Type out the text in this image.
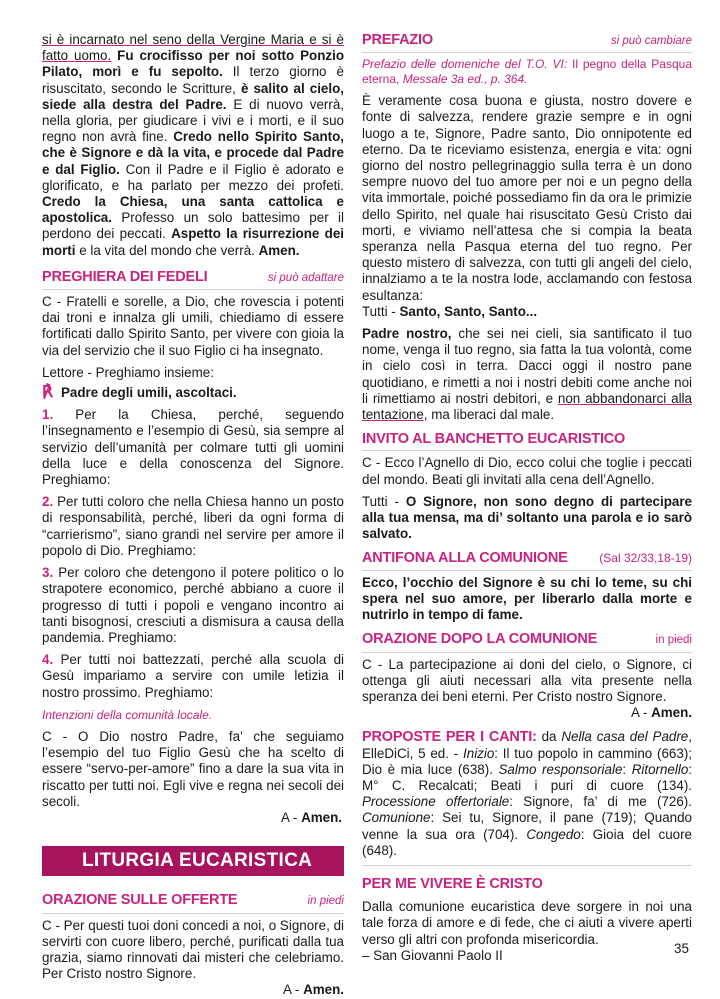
si è incarnato nel seno della Vergine Maria e si è fatto uomo. Fu crocifisso per noi sotto Ponzio Pilato, morì e fu sepolto. Il terzo giorno è risuscitato, secondo le Scritture, è salito al cielo, siede alla destra del Padre. E di nuovo verrà, nella gloria, per giudicare i vivi e i morti, e il suo regno non avrà fine. Credo nello Spirito Santo, che è Signore e dà la vita, e procede dal Padre e dal Figlio. Con il Padre e il Figlio è adorato e glorificato, e ha parlato per mezzo dei profeti. Credo la Chiesa, una santa cattolica e apostolica. Professo un solo battesimo per il perdono dei peccati. Aspetto la risurrezione dei morti e la vita del mondo che verrà. Amen.

PREGHIERA DEI FEDELI	si può adattare

C - Fratelli e sorelle, a Dio, che rovescia i potenti dai troni e innalza gli umili, chiediamo di essere fortificati dallo Spirito Santo, per vivere con gioia la via del servizio che il suo Figlio ci ha insegnato.

Lettore - Preghiamo insieme:

℟ Padre degli umili, ascoltaci.

1. Per la Chiesa, perché, seguendo l’insegnamento e l’esempio di Gesù, sia sempre al servizio dell’umanità per colmare tutti gli uomini della luce e della conoscenza del Signore. Preghiamo:

2. Per tutti coloro che nella Chiesa hanno un posto di responsabilità, perché, liberi da ogni forma di “carrierismo”, siano grandi nel servire per amore il popolo di Dio. Preghiamo:

3. Per coloro che detengono il potere politico o lo strapotere economico, perché abbiano a cuore il progresso di tutti i popoli e vengano incontro ai tanti bisognosi, cresciuti a dismisura a causa della pandemia. Preghiamo:

4. Per tutti noi battezzati, perché alla scuola di Gesù impariamo a servire con umile letizia il nostro prossimo. Preghiamo:

Intenzioni della comunità locale.

C - O Dio nostro Padre, fa’ che seguiamo l’esempio del tuo Figlio Gesù che ha scelto di essere “servo-per-amore” fino a dare la sua vita in riscatto per tutti noi. Egli vive e regna nei secoli dei secoli.

A - Amen.
LITURGIA EUCARISTICA
ORAZIONE SULLE OFFERTE	in piedi

C - Per questi tuoi doni concedi a noi, o Signore, di servirti con cuore libero, perché, purificati dalla tua grazia, siamo rinnovati dai misteri che celebriamo. Per Cristo nostro Signore.

A - Amen.
PREFAZIO	si può cambiare

Prefazio delle domeniche del T.O. VI: Il pegno della Pasqua eterna, Messale 3a ed., p. 364.

È veramente cosa buona e giusta, nostro dovere e fonte di salvezza, rendere grazie sempre e in ogni luogo a te, Signore, Padre santo, Dio onnipotente ed eterno. Da te riceviamo esistenza, energia e vita: ogni giorno del nostro pellegrinaggio sulla terra è un dono sempre nuovo del tuo amore per noi e un pegno della vita immortale, poiché possediamo fin da ora le primizie dello Spirito, nel quale hai risuscitato Gesù Cristo dai morti, e viviamo nell’attesa che si compia la beata speranza nella Pasqua eterna del tuo regno. Per questo mistero di salvezza, con tutti gli angeli del cielo, innalziamo a te la nostra lode, acclamando con festosa esultanza:

Tutti - Santo, Santo, Santo...

Padre nostro, che sei nei cieli, sia santificato il tuo nome, venga il tuo regno, sia fatta la tua volontà, come in cielo così in terra. Dacci oggi il nostro pane quotidiano, e rimetti a noi i nostri debiti come anche noi li rimettiamo ai nostri debitori, e non abbandonarci alla tentazione, ma liberaci dal male.

INVITO AL BANCHETTO EUCARISTICO

C - Ecco l’Agnello di Dio, ecco colui che toglie i peccati del mondo. Beati gli invitati alla cena dell’Agnello.

Tutti - O Signore, non sono degno di partecipare alla tua mensa, ma di’ soltanto una parola e io sarò salvato.

ANTIFONA ALLA COMUNIONE	(Sal 32/33,18-19)

Ecco, l’occhio del Signore è su chi lo teme, su chi spera nel suo amore, per liberarlo dalla morte e nutrirlo in tempo di fame.

ORAZIONE DOPO LA COMUNIONE	in piedi

C - La partecipazione ai doni del cielo, o Signore, ci ottenga gli aiuti necessari alla vita presente nella speranza dei beni eterni. Per Cristo nostro Signore.

A - Amen.

PROPOSTE PER I CANTI: da Nella casa del Padre, ElleDiCi, 5 ed. - Inizio: Il tuo popolo in cammino (663); Dio è mia luce (638). Salmo responsoriale: Ritornello: M° C. Recalcati; Beati i puri di cuore (134). Processione offertoriale: Signore, fa’ di me (726). Comunione: Sei tu, Signore, il pane (719); Quando venne la sua ora (704). Congedo: Gioia del cuore (648).

PER ME VIVERE È CRISTO

Dalla comunione eucaristica deve sorgere in noi una tale forza di amore e di fede, che ci aiuti a vivere aperti verso gli altri con profonda misericordia.

– San Giovanni Paolo II	35
